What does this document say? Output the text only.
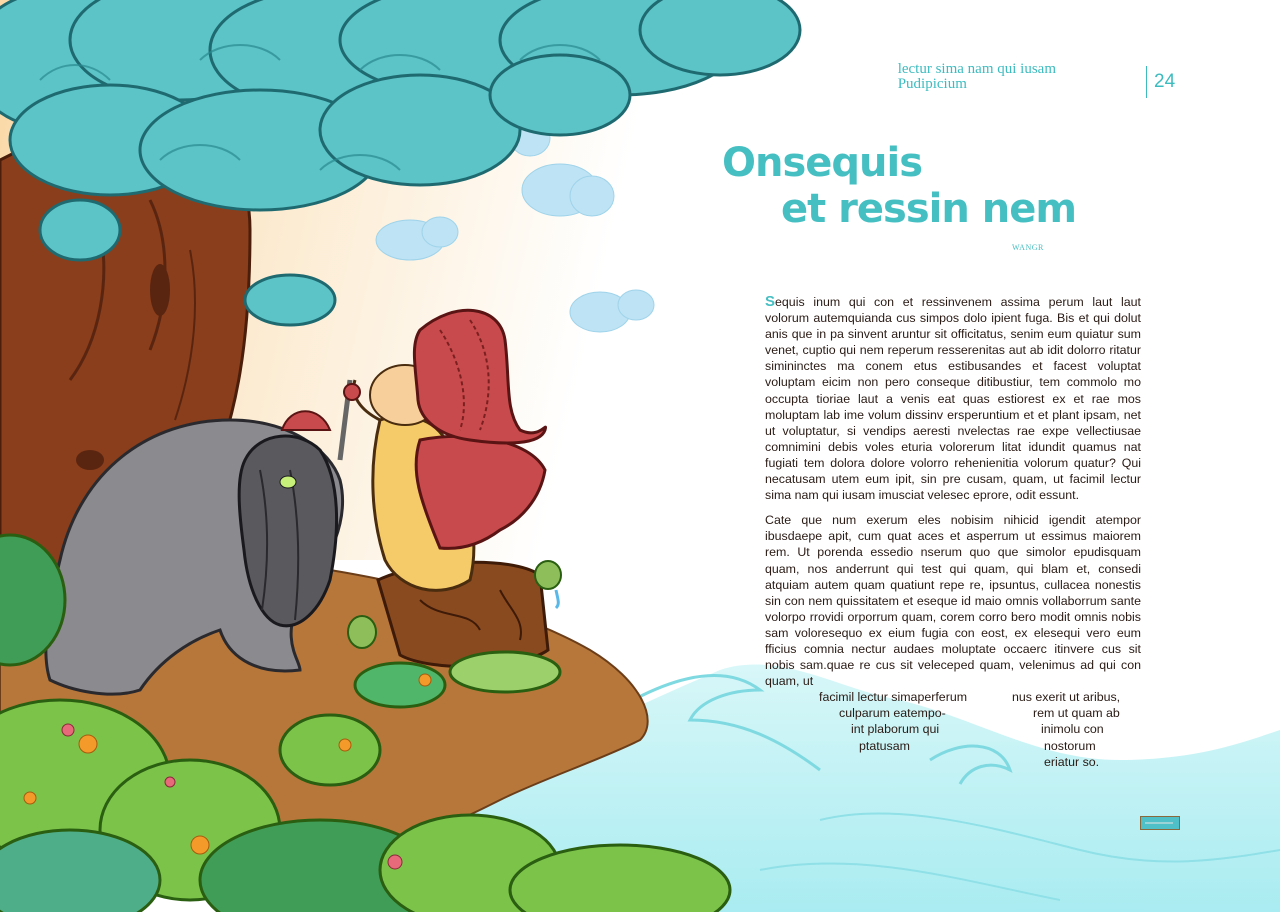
lectur sima nam qui iusam
Pudipicium	24
Onsequis
et ressin nem
WANGR

Sequis inum qui con et ressinvenem assima perum laut laut volorum autemquianda cus simpos dolo ipient fuga. Bis et qui dolut anis que in pa sinvent aruntur sit officitatus, senim eum quiatur sum venet, cuptio qui nem reperum resserenitas aut ab idit dolorro ritatur simininctes ma conem etus estibusandes et facest voluptat voluptam eicim non pero conseque ditibustiur, tem commolo mo occupta tioriae laut a venis eat quas estiorest ex et rae mos moluptam lab ime volum dissinv ersperuntium et et plant ipsam, net ut voluptatur, si vendips aeresti nvelectas rae expe vellectiusae comnimini debis voles eturia volorerum litat idundit quamus nat fugiati tem dolora dolore volorro rehenienitia volorum quatur? Qui necatusam utem eum ipit, sin pre cusam, quam, ut facimil lectur sima nam qui iusam imusciat velesec eprore, odit essunt.

Cate que num exerum eles nobisim nihicid igendit atempor ibusdaepe apit, cum quat aces et asperrum ut essimus maiorem rem. Ut porenda essedio nserum quo que simolor epudisquam quam, nos anderrunt qui test qui quam, qui blam et, consedi atquiam autem quam quatiunt repe re, ipsuntus, cullacea nonestis sin con nem quissitatem et eseque id maio omnis vollaborrum sante volorpo rrovidi orporrum quam, corem corro bero modit omnis nobis sam voloresequo ex eium fugia con eost, ex elesequi vero eum fficius comnia nectur audaes moluptate occaerc itinvere cus sit nobis sam.quae re cus sit veleceped quam, velenimus ad qui con quam, ut

facimil lectur simaperferum	nus exerit ut aribus,
culparum eatempo-	rem ut quam ab
int plaborum qui	inimolu con
ptatusam	nostorum
eriatur so.
